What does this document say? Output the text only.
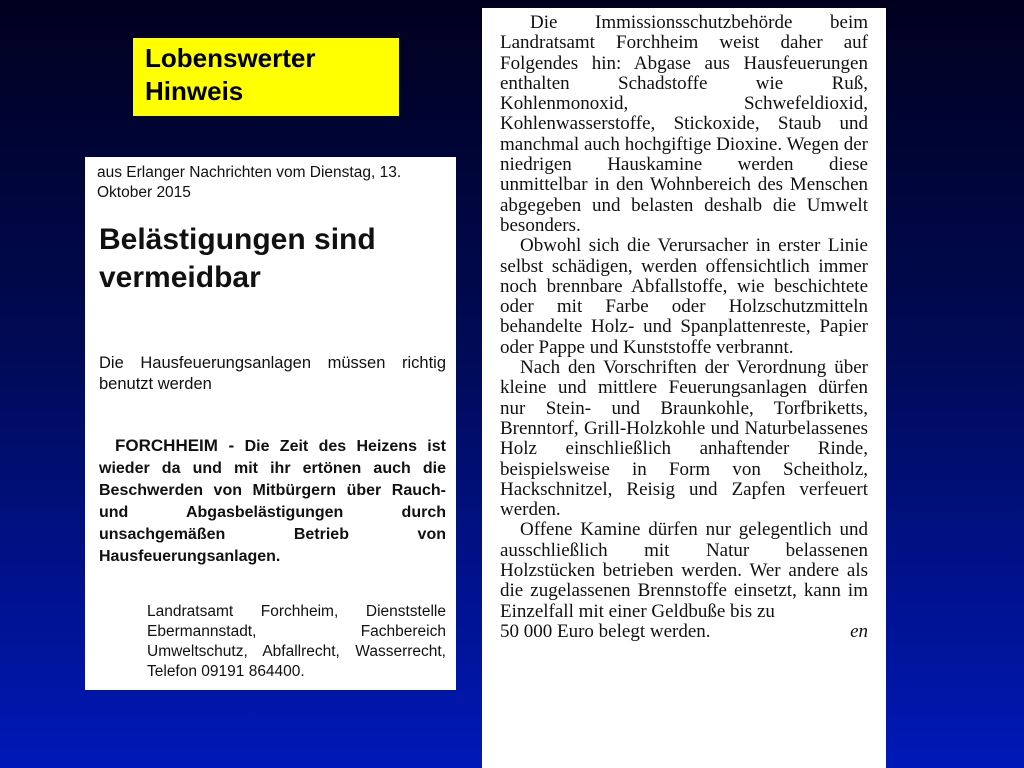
Lobenswerter Hinweis

aus Erlanger Nachrichten vom Dienstag, 13. Oktober 2015

Belästigungen sind vermeidbar
Die Hausfeuerungsanlagen müssen richtig benutzt werden
FORCHHEIM - Die Zeit des Heizens ist wieder da und mit ihr ertönen auch die Beschwerden von Mitbürgern über Rauch- und Abgasbelästigungen durch unsachgemäßen Betrieb von Hausfeuerungsanlagen.
Landratsamt Forchheim, Dienststelle Ebermannstadt, Fachbereich Umweltschutz, Abfallrecht, Wasserrecht, Telefon 09191 864400.

Die Immissionsschutzbehörde beim Landratsamt Forchheim weist daher auf Folgendes hin: Abgase aus Hausfeuerungen enthalten Schadstoffe wie Ruß, Kohlenmonoxid, Schwefeldioxid, Kohlenwasserstoffe, Stickoxide, Staub und manchmal auch hochgiftige Dioxine. Wegen der niedrigen Hauskamine werden diese unmittelbar in den Wohnbereich des Menschen abgegeben und belasten deshalb die Umwelt besonders.

Obwohl sich die Verursacher in erster Linie selbst schädigen, werden offensichtlich immer noch brennbare Abfallstoffe, wie beschichtete oder mit Farbe oder Holzschutzmitteln behandelte Holz- und Spanplattenreste, Papier oder Pappe und Kunststoffe verbrannt.

Nach den Vorschriften der Verordnung über kleine und mittlere Feuerungsanlagen dürfen nur Stein- und Braunkohle, Torfbriketts, Brenntorf, Grill-Holzkohle und Naturbelassenes Holz einschließlich anhaftender Rinde, beispielsweise in Form von Scheitholz, Hackschnitzel, Reisig und Zapfen verfeuert werden.

Offene Kamine dürfen nur gelegentlich und ausschließlich mit Natur belassenen Holzstücken betrieben werden. Wer andere als die zugelassenen Brennstoffe einsetzt, kann im Einzelfall mit einer Geldbuße bis zu

50 000 Euro belegt werden.	en
